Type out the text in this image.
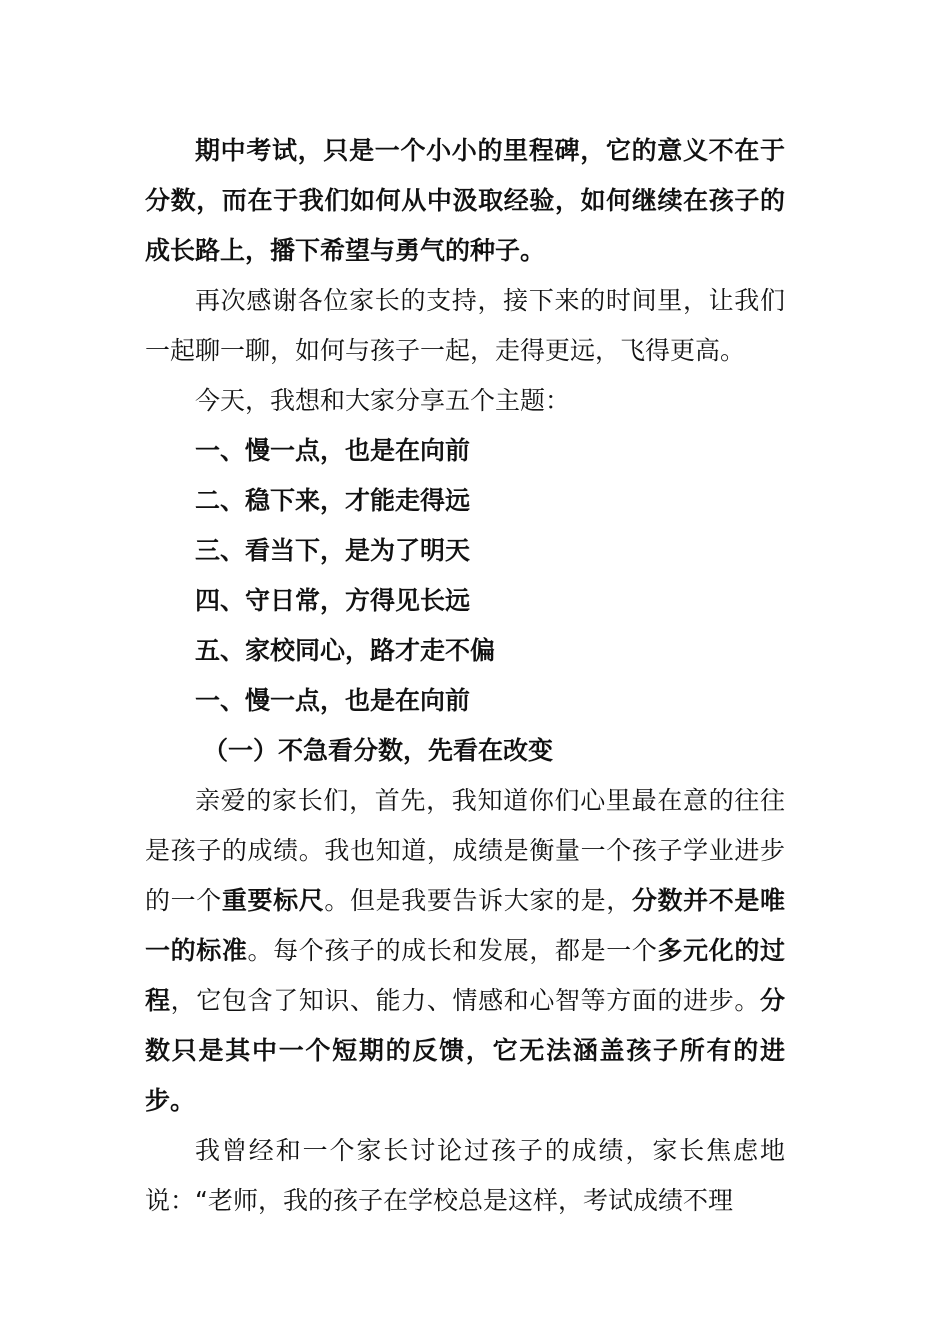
期中考试，只是一个小小的里程碑，它的意义不在于分数，而在于我们如何从中汲取经验，如何继续在孩子的成长路上，播下希望与勇气的种子。

再次感谢各位家长的支持，接下来的时间里，让我们一起聊一聊，如何与孩子一起，走得更远，飞得更高。

今天，我想和大家分享五个主题：

一、慢一点，也是在向前

二、稳下来，才能走得远

三、看当下，是为了明天

四、守日常，方得见长远

五、家校同心，路才走不偏

一、慢一点，也是在向前

（一）不急看分数，先看在改变

亲爱的家长们，首先，我知道你们心里最在意的往往是孩子的成绩。我也知道，成绩是衡量一个孩子学业进步的一个重要标尺。但是我要告诉大家的是，分数并不是唯一的标准。每个孩子的成长和发展，都是一个多元化的过程，它包含了知识、能力、情感和心智等方面的进步。分数只是其中一个短期的反馈，它无法涵盖孩子所有的进步。

我曾经和一个家长讨论过孩子的成绩，家长焦虑地说：“老师，我的孩子在学校总是这样，考试成绩不理
